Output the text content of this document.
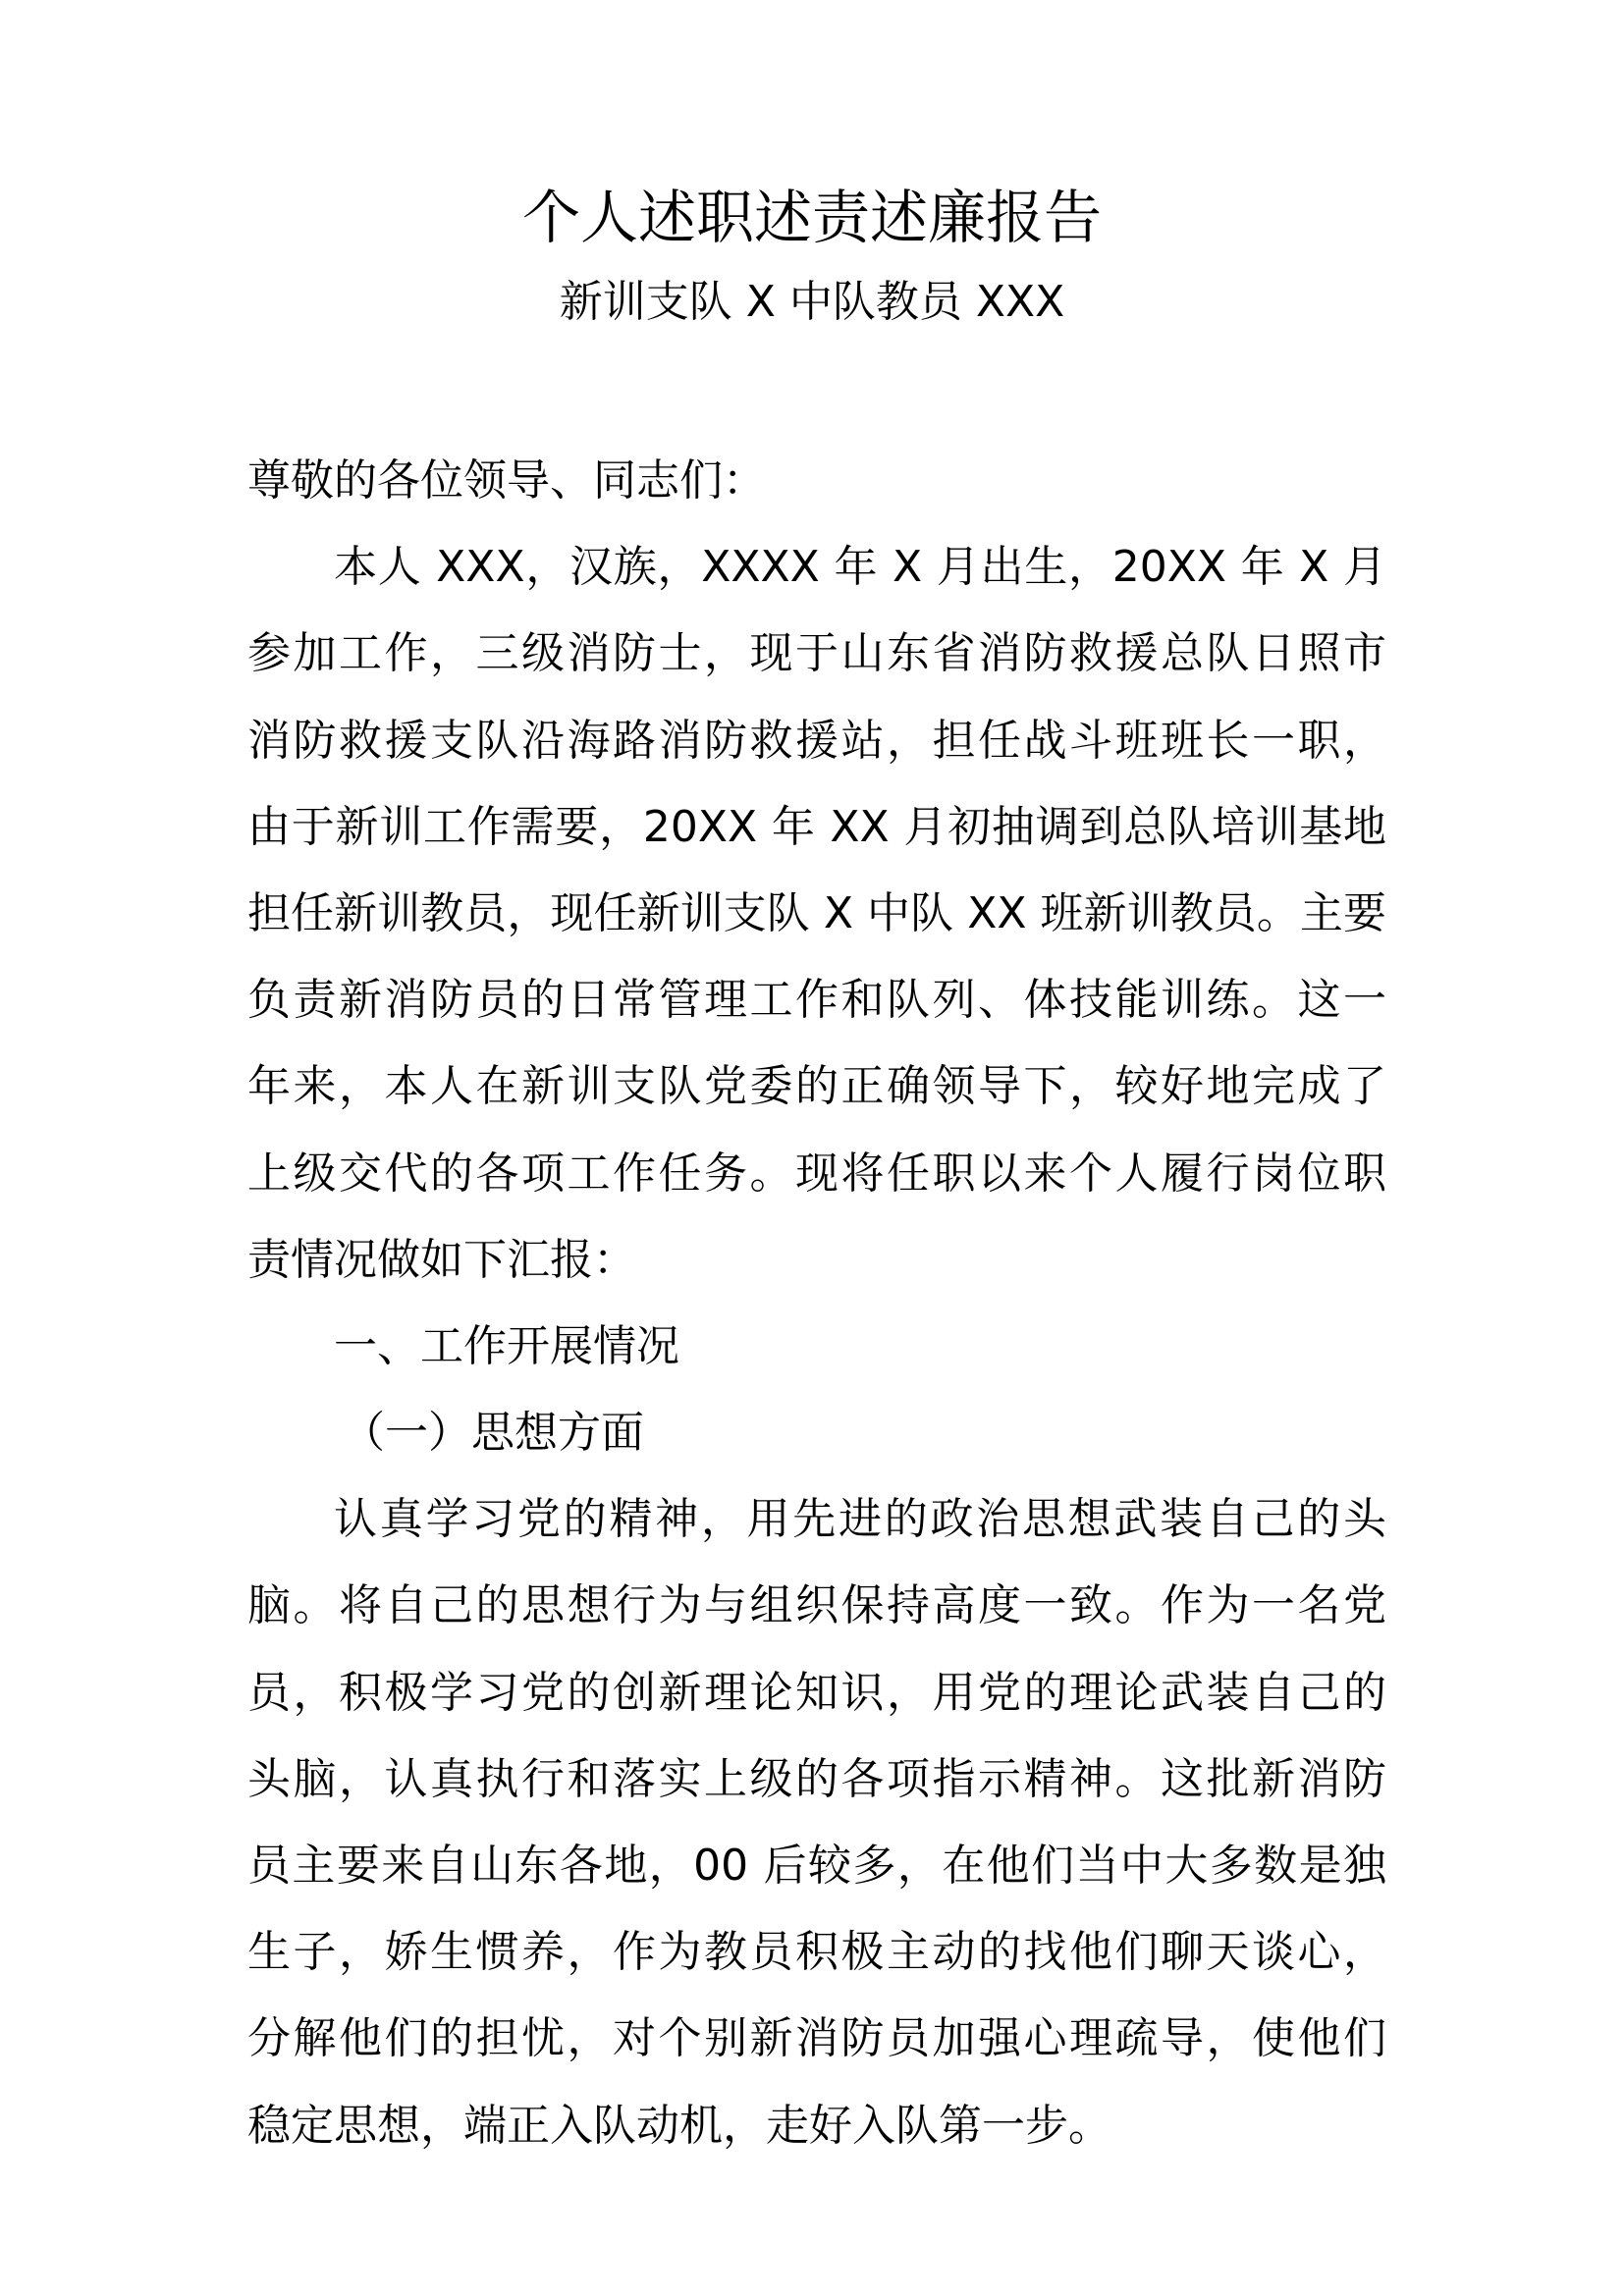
个人述职述责述廉报告
新训支队 X 中队教员 XXX
尊敬的各位领导、同志们：
本人 XXX，汉族，XXXX 年 X 月出生，20XX 年 X 月
参加工作，三级消防士，现于山东省消防救援总队日照市
消防救援支队沿海路消防救援站，担任战斗班班长一职，
由于新训工作需要，20XX 年 XX 月初抽调到总队培训基地
担任新训教员，现任新训支队 X 中队 XX 班新训教员。主要
负责新消防员的日常管理工作和队列、体技能训练。这一
年来，本人在新训支队党委的正确领导下，较好地完成了
上级交代的各项工作任务。现将任职以来个人履行岗位职
责情况做如下汇报：
一、工作开展情况
（一）思想方面
认真学习党的精神，用先进的政治思想武装自己的头
脑。将自己的思想行为与组织保持高度一致。作为一名党
员，积极学习党的创新理论知识，用党的理论武装自己的
头脑，认真执行和落实上级的各项指示精神。这批新消防
员主要来自山东各地，00 后较多，在他们当中大多数是独
生子，娇生惯养，作为教员积极主动的找他们聊天谈心，
分解他们的担忧，对个别新消防员加强心理疏导，使他们
稳定思想，端正入队动机，走好入队第一步。
